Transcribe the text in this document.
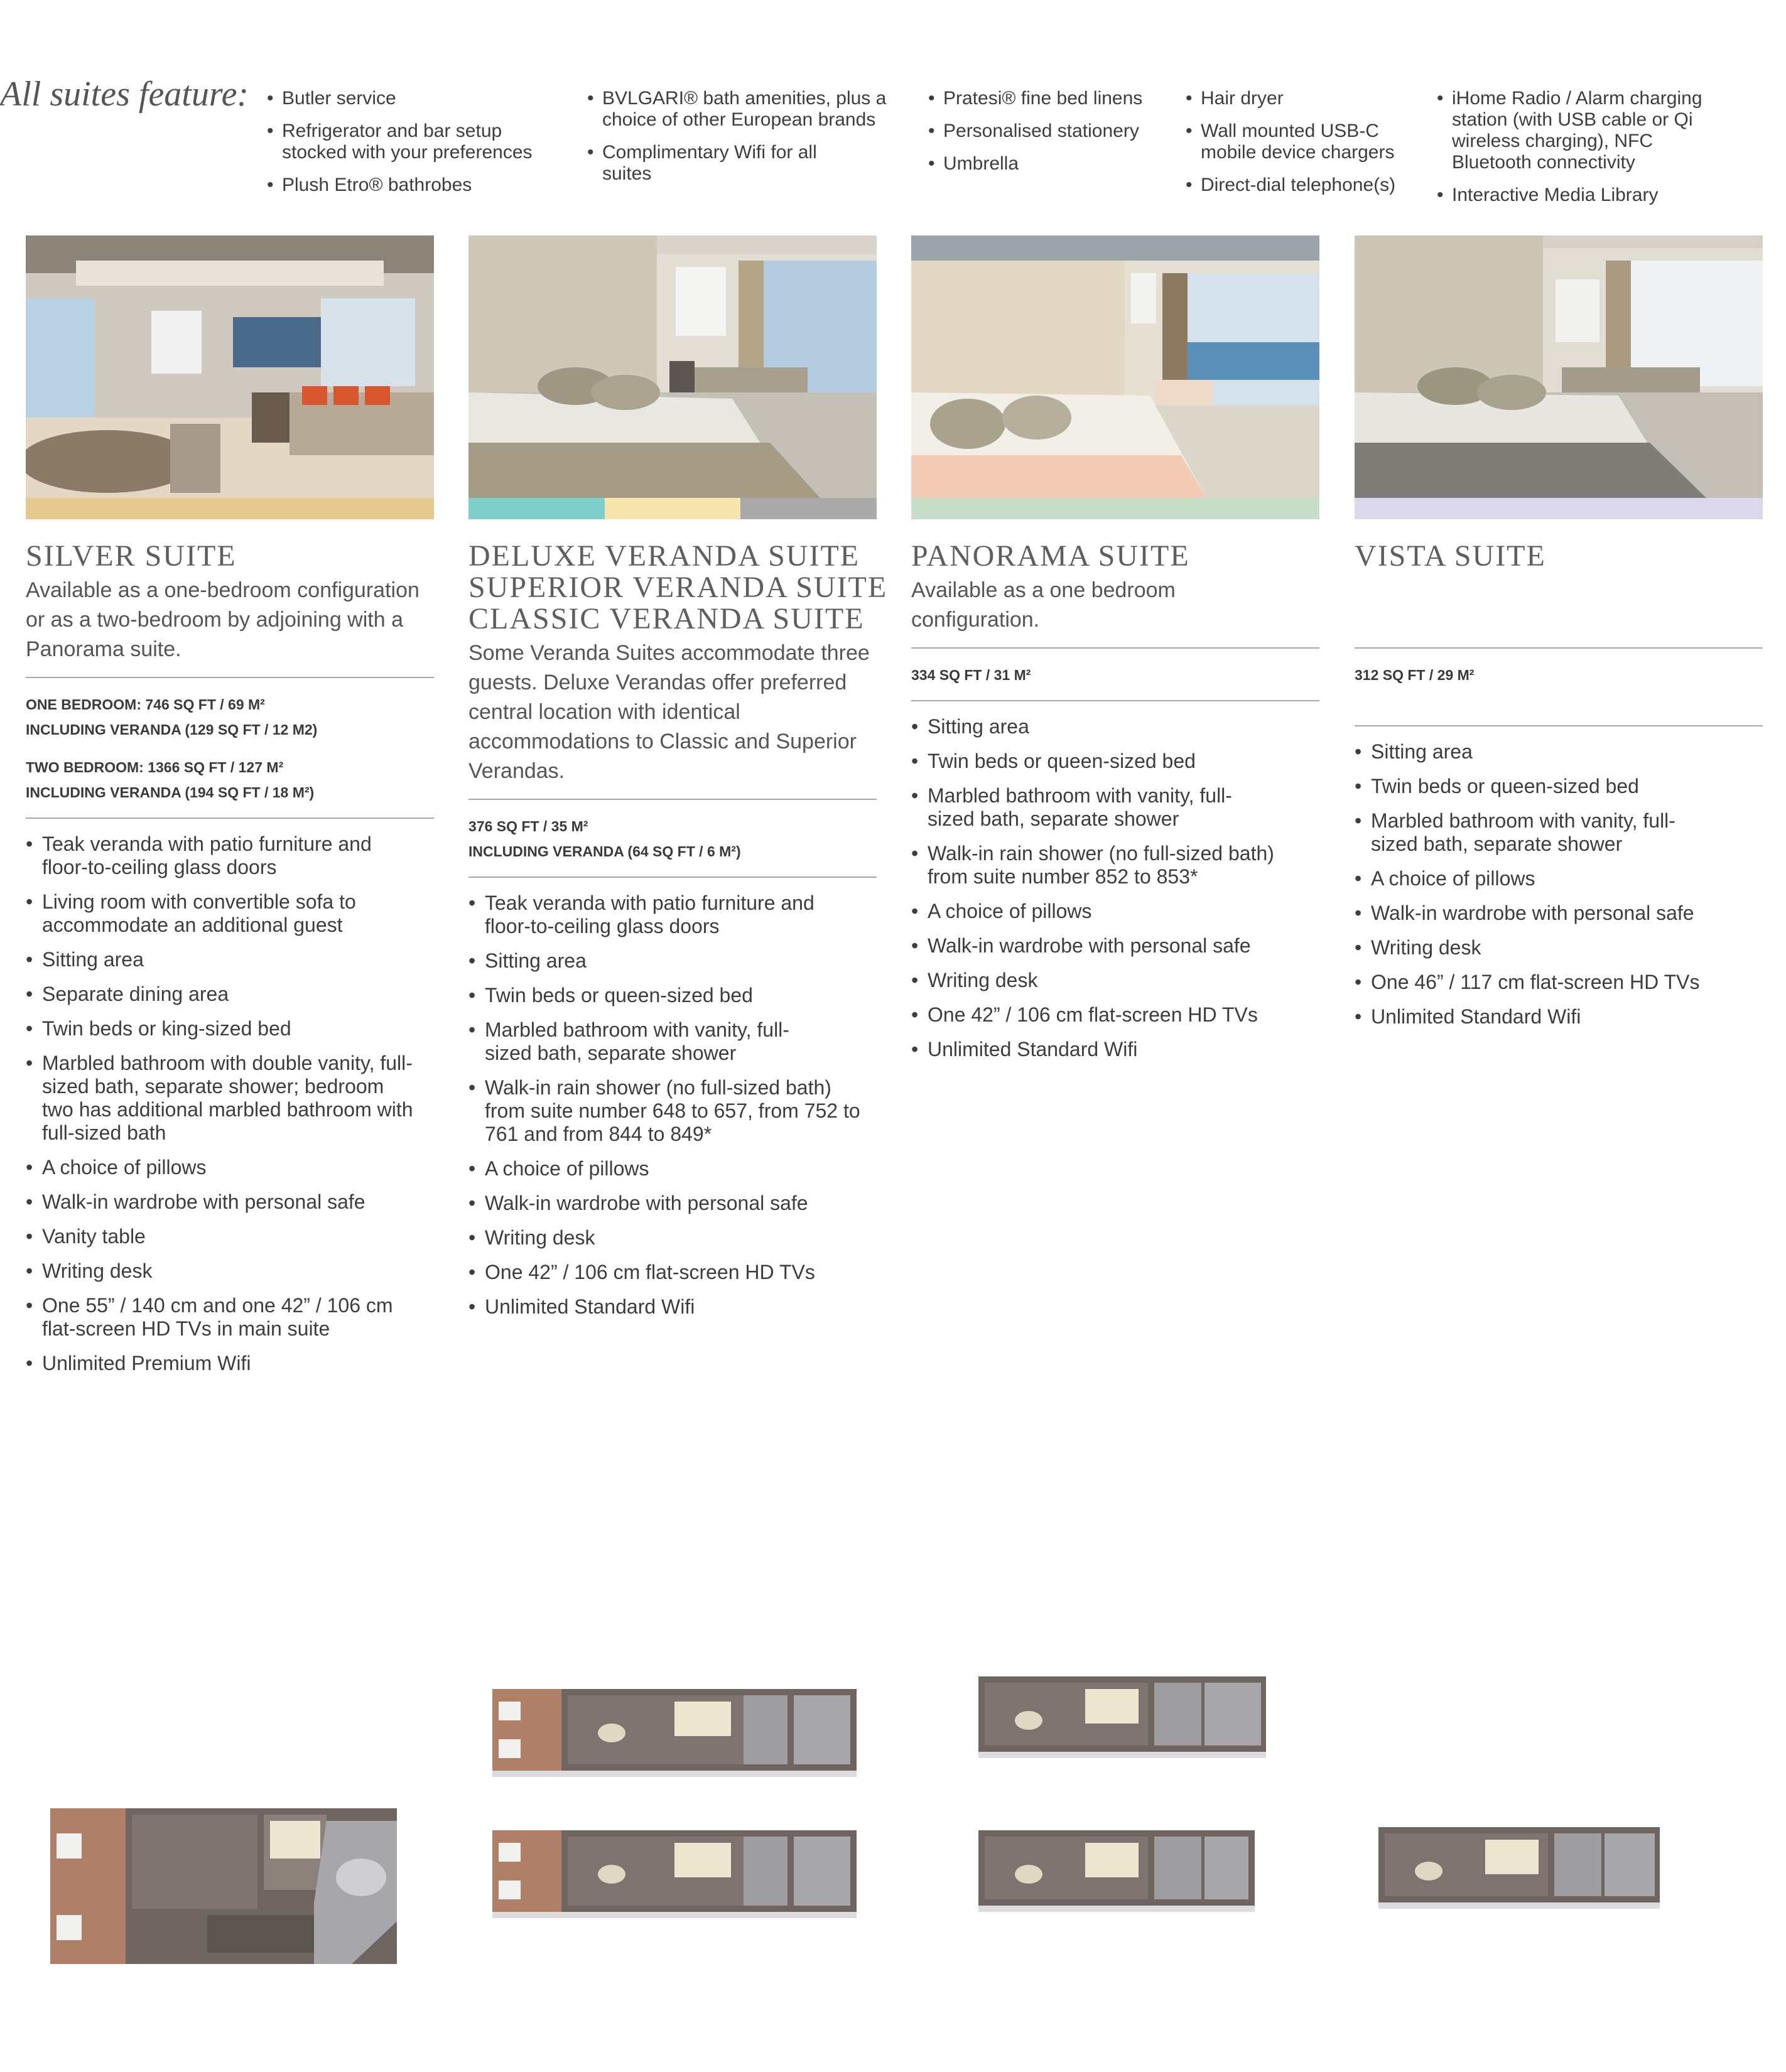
All suites feature:
•	Butler service
• Refrigerator and bar setup stocked with your preferences
• Plush Etro® bathrobes
• BVLGARI® bath amenities, plus a choice of other European brands
• Complimentary Wifi for all suites
• Pratesi® fine bed linens
• Personalised stationery
• Umbrella
• Hair dryer
• Wall mounted USB-C mobile device chargers
• Direct-dial telephone(s)
• iHome Radio / Alarm charging station (with USB cable or Qi wireless charging), NFC Bluetooth connectivity
• Interactive Media Library
SILVER SUITE
Available as a one-bedroom configuration or as a two-bedroom by adjoining with a Panorama suite.
ONE BEDROOM: 746 SQ FT / 69 M²
INCLUDING VERANDA (129 SQ FT / 12 M2)
TWO BEDROOM: 1366 SQ FT / 127 M²
INCLUDING VERANDA (194 SQ FT / 18 M²)
• Teak veranda with patio furniture and floor-to-ceiling glass doors
• Living room with convertible sofa to accommodate an additional guest
• Sitting area
• Separate dining area
• Twin beds or king-sized bed
• Marbled bathroom with double vanity, full-sized bath, separate shower; bedroom two has additional marbled bathroom with full-sized bath
• A choice of pillows
• Walk-in wardrobe with personal safe
• Vanity table
• Writing desk
• One 55” / 140 cm and one 42” / 106 cm flat-screen HD TVs in main suite
• Unlimited Premium Wifi
DELUXE VERANDA SUITE
SUPERIOR VERANDA SUITE
CLASSIC VERANDA SUITE
Some Veranda Suites accommodate three guests. Deluxe Verandas offer preferred central location with identical accommodations to Classic and Superior Verandas.
376 SQ FT / 35 M²
INCLUDING VERANDA (64 SQ FT / 6 M²)
• Teak veranda with patio furniture and floor-to-ceiling glass doors
• Sitting area
• Twin beds or queen-sized bed
• Marbled bathroom with vanity, full-sized bath, separate shower
• Walk-in rain shower (no full-sized bath) from suite number 648 to 657, from 752 to 761 and from 844 to 849*
• A choice of pillows
• Walk-in wardrobe with personal safe
• Writing desk
• One 42” / 106 cm flat-screen HD TVs
• Unlimited Standard Wifi
PANORAMA SUITE
Available as a one bedroom configuration.
334 SQ FT / 31 M²
• Sitting area
• Twin beds or queen-sized bed
• Marbled bathroom with vanity, full-sized bath, separate shower
• Walk-in rain shower (no full-sized bath) from suite number 852 to 853*
• A choice of pillows
• Walk-in wardrobe with personal safe
• Writing desk
• One 42” / 106 cm flat-screen HD TVs
• Unlimited Standard Wifi
VISTA SUITE
312 SQ FT / 29 M²
• Sitting area
• Twin beds or queen-sized bed
• Marbled bathroom with vanity, full-sized bath, separate shower
• A choice of pillows
• Walk-in wardrobe with personal safe
• Writing desk
• One 46” / 117 cm flat-screen HD TVs
• Unlimited Standard Wifi
